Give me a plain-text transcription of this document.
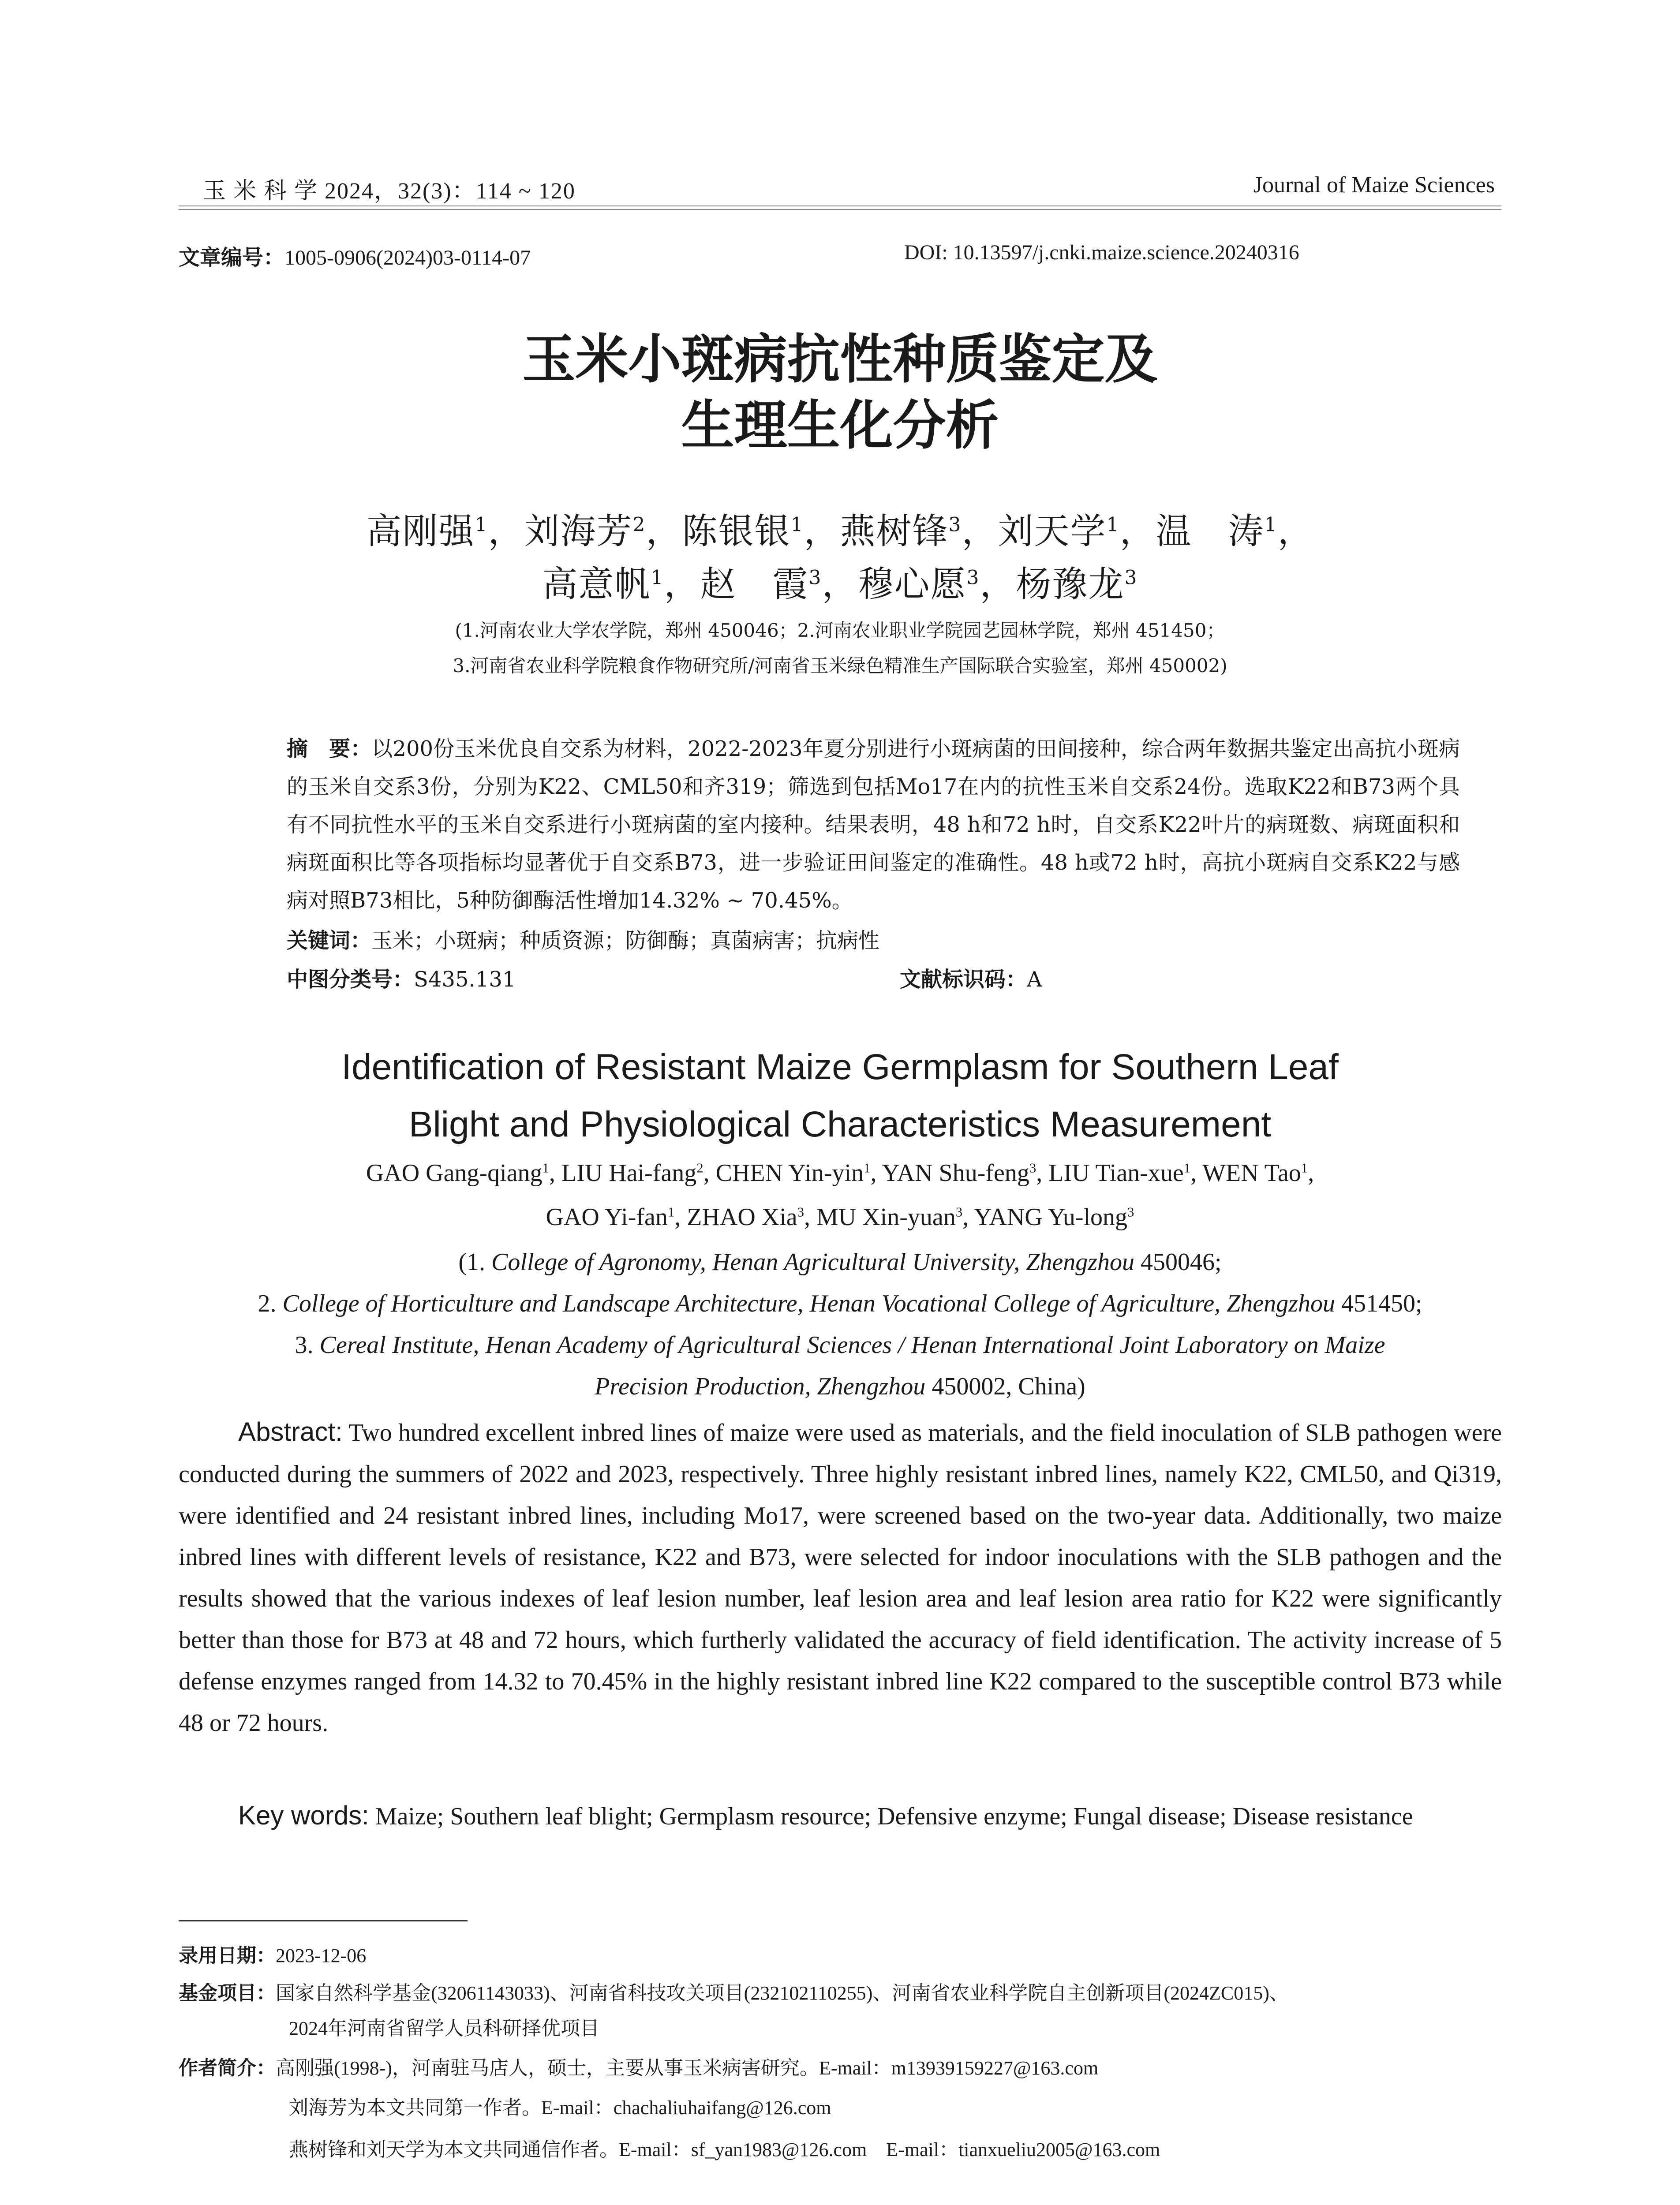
玉 米 科 学 2024，32(3)：114 ~ 120	Journal of Maize Sciences
文章编号：1005-0906(2024)03-0114-07	DOI: 10.13597/j.cnki.maize.science.20240316
玉米小斑病抗性种质鉴定及
生理生化分析
高刚强$^1$，刘海芳$^2$，陈银银$^1$，燕树锋$^3$，刘天学$^1$，温　涛$^1$，
高意帆$^1$，赵　霞$^3$，穆心愿$^3$，杨豫龙$^3$
(1.河南农业大学农学院，郑州 450046；2.河南农业职业学院园艺园林学院，郑州 451450；
3.河南省农业科学院粮食作物研究所/河南省玉米绿色精准生产国际联合实验室，郑州 450002)
摘　要：以200份玉米优良自交系为材料，2022-2023年夏分别进行小斑病菌的田间接种，综合两年数据共鉴定出高抗小斑病的玉米自交系3份，分别为K22、CML50和齐319；筛选到包括Mo17在内的抗性玉米自交系24份。选取K22和B73两个具有不同抗性水平的玉米自交系进行小斑病菌的室内接种。结果表明，48 h和72 h时，自交系K22叶片的病斑数、病斑面积和病斑面积比等各项指标均显著优于自交系B73，进一步验证田间鉴定的准确性。48 h或72 h时，高抗小斑病自交系K22与感病对照B73相比，5种防御酶活性增加14.32% ~ 70.45%。
关键词：玉米；小斑病；种质资源；防御酶；真菌病害；抗病性
中图分类号：S435.131	文献标识码：A
Identification of Resistant Maize Germplasm for Southern Leaf
Blight and Physiological Characteristics Measurement
GAO Gang-qiang$^1$, LIU Hai-fang$^2$, CHEN Yin-yin$^1$, YAN Shu-feng$^3$, LIU Tian-xue$^1$, WEN Tao$^1$,
GAO Yi-fan$^1$, ZHAO Xia$^3$, MU Xin-yuan$^3$, YANG Yu-long$^3$
(1. College of Agronomy, Henan Agricultural University, Zhengzhou 450046;
2. College of Horticulture and Landscape Architecture, Henan Vocational College of Agriculture, Zhengzhou 451450;
3. Cereal Institute, Henan Academy of Agricultural Sciences / Henan International Joint Laboratory on Maize
Precision Production, Zhengzhou 450002, China)
Abstract: Two hundred excellent inbred lines of maize were used as materials, and the field inoculation of SLB pathogen were conducted during the summers of 2022 and 2023, respectively. Three highly resistant inbred lines, namely K22, CML50, and Qi319, were identified and 24 resistant inbred lines, including Mo17, were screened based on the two-year data. Additionally, two maize inbred lines with different levels of resistance, K22 and B73, were selected for indoor inoculations with the SLB pathogen and the results showed that the various indexes of leaf lesion number, leaf lesion area and leaf lesion area ratio for K22 were significantly better than those for B73 at 48 and 72 hours, which furtherly validated the accuracy of field identification. The activity increase of 5 defense enzymes ranged from 14.32 to 70.45% in the highly resistant inbred line K22 compared to the susceptible control B73 while 48 or 72 hours.
Key words: Maize; Southern leaf blight; Germplasm resource; Defensive enzyme; Fungal disease; Disease resistance
录用日期：2023-12-06
基金项目：国家自然科学基金(32061143033)、河南省科技攻关项目(232102110255)、河南省农业科学院自主创新项目(2024ZC015)、
2024年河南省留学人员科研择优项目
作者简介：高刚强(1998-)，河南驻马店人，硕士，主要从事玉米病害研究。E-mail：m13939159227@163.com
刘海芳为本文共同第一作者。E-mail：chachaliuhaifang@126.com
燕树锋和刘天学为本文共同通信作者。E-mail：sf_yan1983@126.com　E-mail：tianxueliu2005@163.com
